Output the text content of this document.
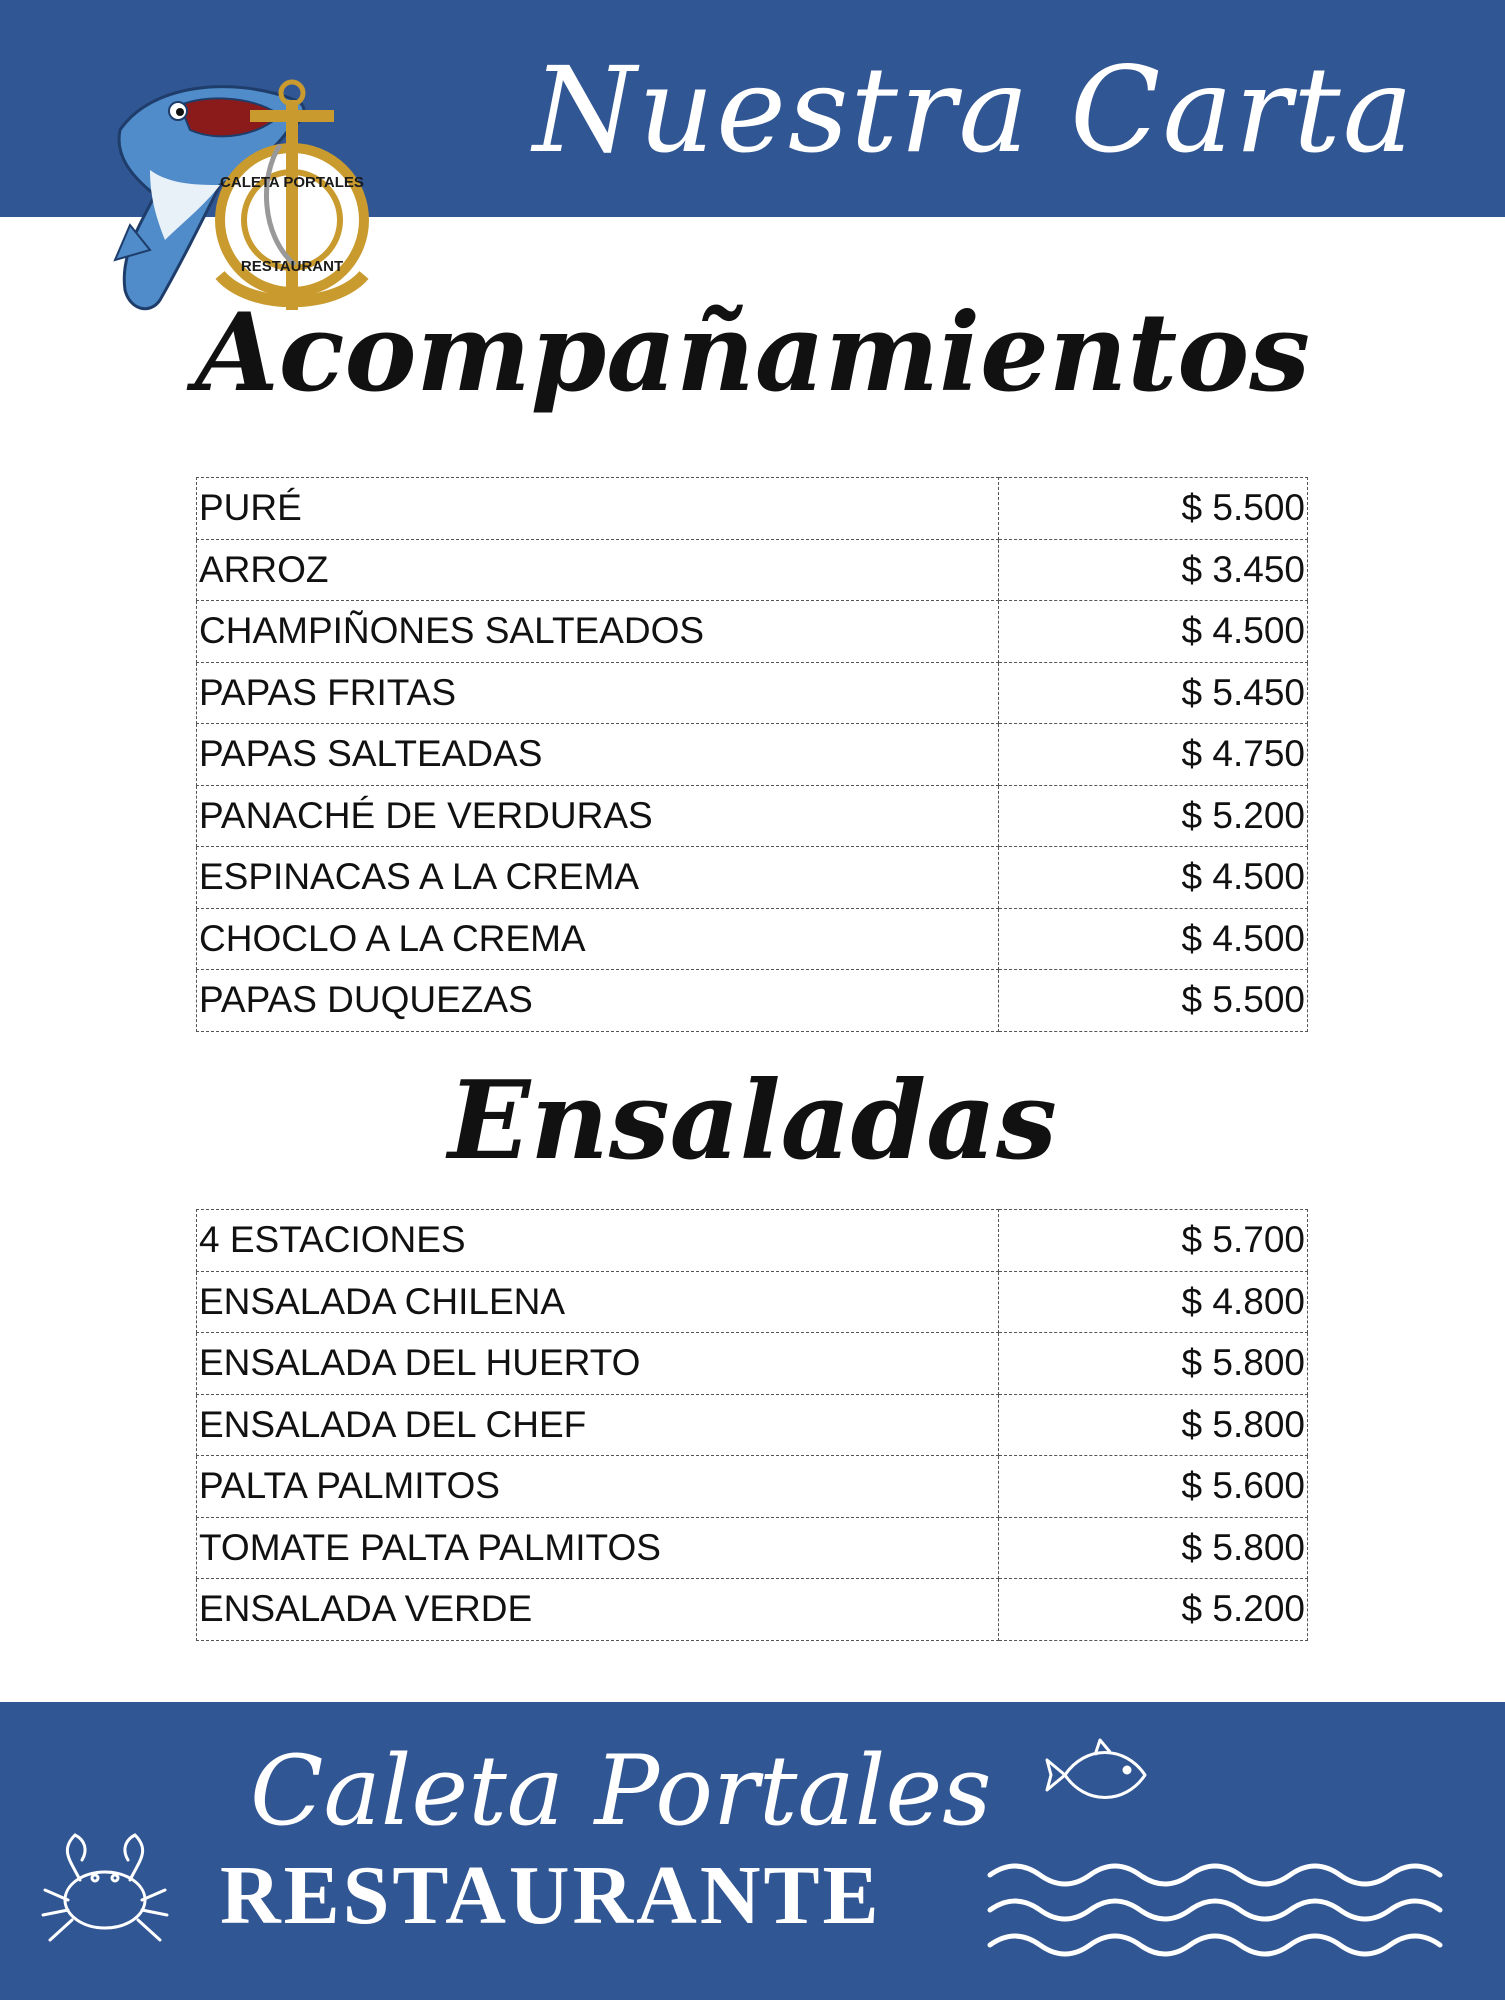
Nuestra Carta
CALETA PORTALES
RESTAURANT
Acompañamientos
PURÉ	$ 5.500
ARROZ	$ 3.450
CHAMPIÑONES SALTEADOS	$ 4.500
PAPAS FRITAS	$ 5.450
PAPAS SALTEADAS	$ 4.750
PANACHÉ DE VERDURAS	$ 5.200
ESPINACAS A LA CREMA	$ 4.500
CHOCLO A LA CREMA	$ 4.500
PAPAS DUQUEZAS	$ 5.500
Ensaladas
4 ESTACIONES	$ 5.700
ENSALADA CHILENA	$ 4.800
ENSALADA DEL HUERTO	$ 5.800
ENSALADA DEL CHEF	$ 5.800
PALTA PALMITOS	$ 5.600
TOMATE PALTA PALMITOS	$ 5.800
ENSALADA VERDE	$ 5.200
Caleta Portales
RESTAURANTE
